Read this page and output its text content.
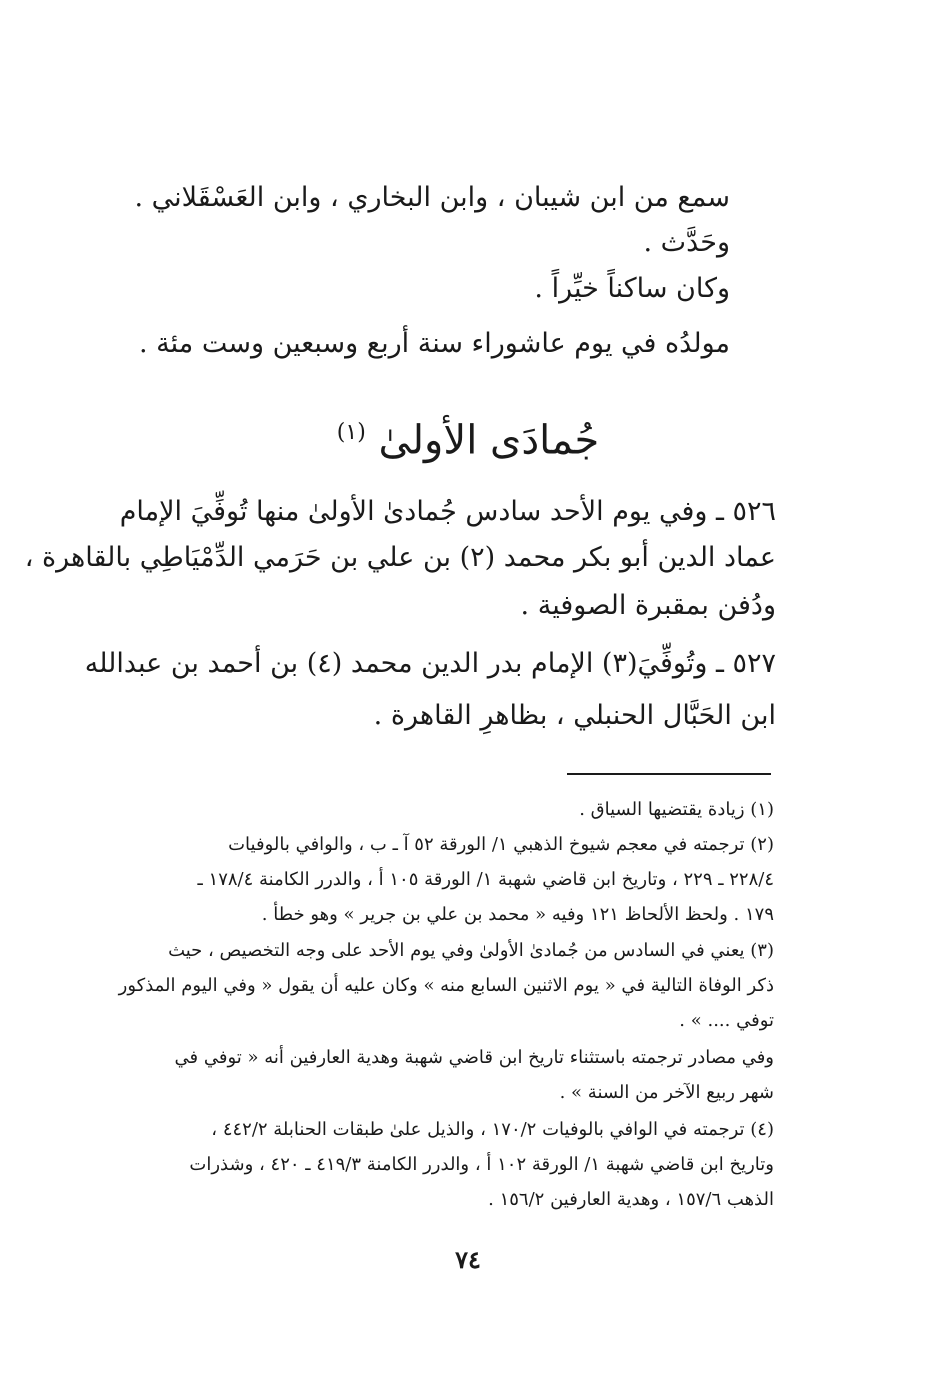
سمع من ابن شيبان ، وابن البخاري ، وابن العَسْقَلاني .
وحَدَّث .
وكان ساكناً خيِّراً .
مولدُه في يوم عاشوراء سنة أربع وسبعين وست مئة .
جُمادَى الأولىٰ $^{(١)}$
٥٢٦ ـ وفي يوم الأحد سادس جُمادىٰ الأولىٰ منها تُوفِّيَ الإمام
عماد الدين أبو بكر محمد (٢) بن علي بن حَرَمي الدِّمْيَاطِي بالقاهرة ،
ودُفن بمقبرة الصوفية .
٥٢٧ ـ وتُوفِّيَ(٣) الإمام بدر الدين محمد (٤) بن أحمد بن عبدالله
ابن الحَبَّال الحنبلي ، بظاهرِ القاهرة .
(١) زيادة يقتضيها السياق .
(٢) ترجمته في معجم شيوخ الذهبي ١/ الورقة ٥٢ آ ـ ب ، والوافي بالوفيات
٢٢٨/٤ ـ ٢٢٩ ، وتاريخ ابن قاضي شهبة ١/ الورقة ١٠٥ أ ، والدرر الكامنة ١٧٨/٤ ـ
١٧٩ . ولحظ الألحاظ ١٢١ وفيه « محمد بن علي بن جرير » وهو خطأ .
(٣) يعني في السادس من جُمادىٰ الأولىٰ وفي يوم الأحد على وجه التخصيص ، حيث
ذكر الوفاة التالية في « يوم الاثنين السابع منه » وكان عليه أن يقول « وفي اليوم المذكور
توفي .... » .
وفي مصادر ترجمته باستثناء تاريخ ابن قاضي شهبة وهدية العارفين أنه « توفي في
شهر ربيع الآخر من السنة » .
(٤) ترجمته في الوافي بالوفيات ١٧٠/٢ ، والذيل علىٰ طبقات الحنابلة ٤٤٢/٢ ،
وتاريخ ابن قاضي شهبة ١/ الورقة ١٠٢ أ ، والدرر الكامنة ٤١٩/٣ ـ ٤٢٠ ، وشذرات
الذهب ١٥٧/٦ ، وهدية العارفين ١٥٦/٢ .
٧٤
